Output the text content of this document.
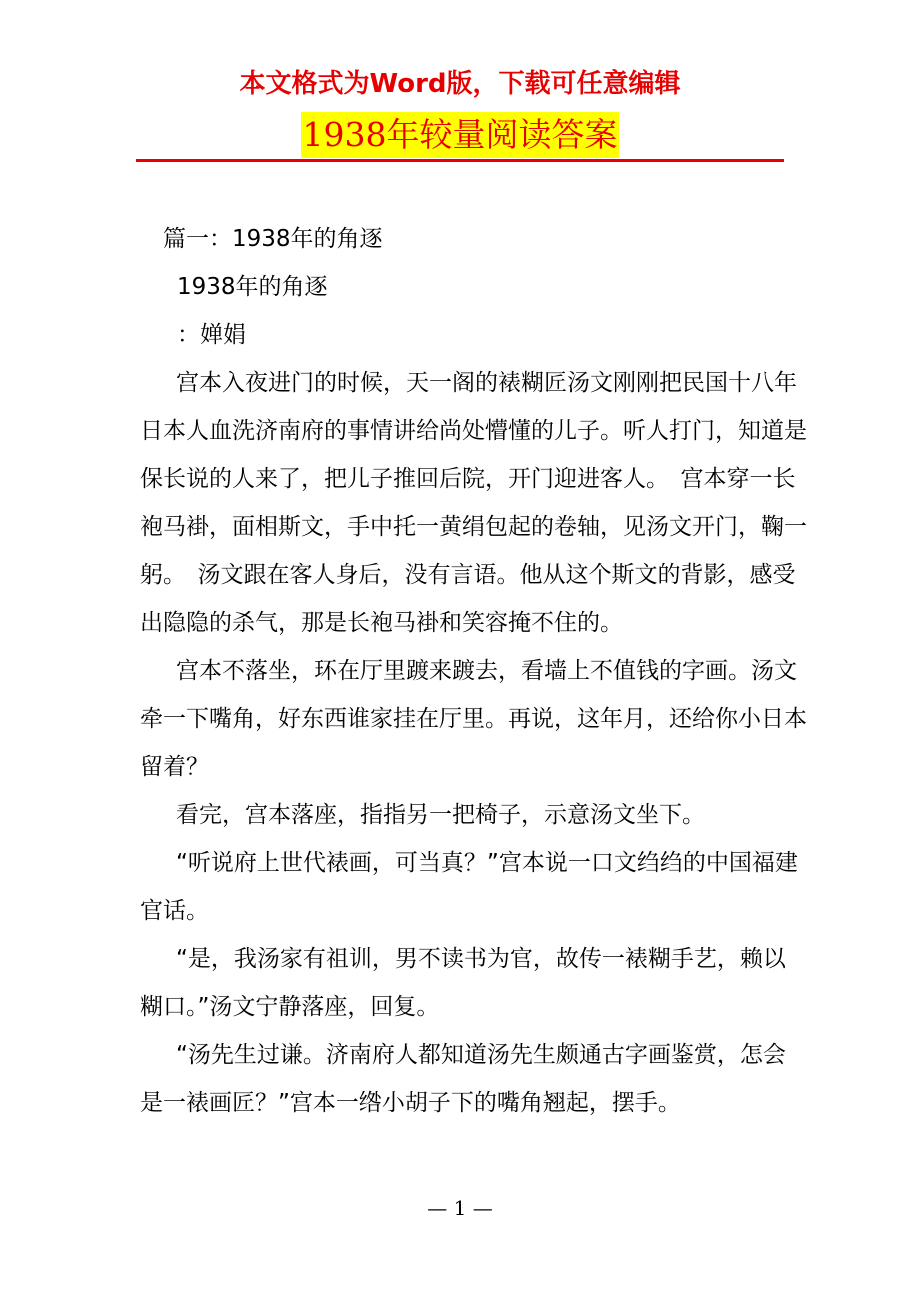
本文格式为Word版，下载可任意编辑
1938年较量阅读答案

篇一：1938年的角逐

1938年的角逐

：婵娟

宫本入夜进门的时候，天一阁的裱糊匠汤文刚刚把民国十八年日本人血洗济南府的事情讲给尚处懵懂的儿子。听人打门，知道是保长说的人来了，把儿子推回后院，开门迎进客人。　宫本穿一长袍马褂，面相斯文，手中托一黄绢包起的卷轴，见汤文开门，鞠一躬。　汤文跟在客人身后，没有言语。他从这个斯文的背影，感受出隐隐的杀气，那是长袍马褂和笑容掩不住的。

宫本不落坐，环在厅里踱来踱去，看墙上不值钱的字画。汤文牵一下嘴角，好东西谁家挂在厅里。再说，这年月，还给你小日本留着？

看完，宫本落座，指指另一把椅子，示意汤文坐下。

“听说府上世代裱画，可当真？”宫本说一口文绉绉的中国福建官话。

“是，我汤家有祖训，男不读书为官，故传一裱糊手艺，赖以糊口。”汤文宁静落座，回复。

“汤先生过谦。济南府人都知道汤先生颇通古字画鉴赏，怎会是一裱画匠？”宫本一绺小胡子下的嘴角翘起，摆手。

— 1 —
